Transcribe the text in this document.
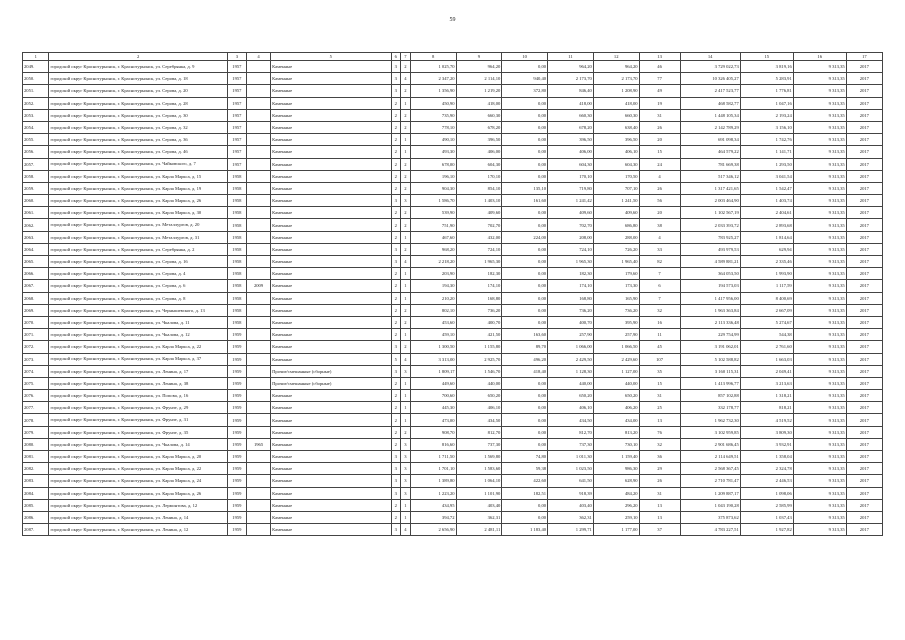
59
1	2	3	4	5	6	7	8	9	10	11	12	13	14	15	16	17
2049.	городской округ Краснотурьинск, г. Краснотурьинск, ул. Серебрянка, д. 9	1957		Каменные	3	2	1 025,70	964,20	0,00	964,20	964,20	46	3 729 022,73	3 819,16	9 313,35	2017
2050.	городской округ Краснотурьинск, г. Краснотурьинск, ул. Серова, д. 18	1957		Каменные	3	4	2 347,20	2 114,10	940,40	2 173,70	2 173,70	77	10 326 405,27	5 283,91	9 313,35	2017
2051.	городской округ Краснотурьинск, г. Краснотурьинск, ул. Серова, д. 20	1957		Каменные	3	2	1 356,90	1 219,20	372,80	846,40	1 208,90	49	2 417 523,77	1 776,81	9 313,35	2017
2052.	городской округ Краснотурьинск, г. Краснотурьинск, ул. Серова, д. 28	1957		Каменные	2	1	450,90	418,00	0,00	418,00	418,00	19	468 582,77	1 047,16	9 313,35	2017
2053.	городской округ Краснотурьинск, г. Краснотурьинск, ул. Серова, д. 30	1957		Каменные	2	2	735,90	660,30	0,00	660,30	660,30	31	1 448 105,34	2 193,24	9 313,35	2017
2054.	городской округ Краснотурьинск, г. Краснотурьинск, ул. Серова, д. 32	1957		Каменные	2	2	778,10	678,20	0,00	678,20	638,40	26	2 142 789,29	3 156,10	9 313,35	2017
2055.	городской округ Краснотурьинск, г. Краснотурьинск, ул. Серова, д. 36	1957		Каменные	2	1	490,10	396,50	0,00	396,50	396,50	20	691 098,34	1 742,76	9 313,35	2017
2056.	городской округ Краснотурьинск, г. Краснотурьинск, ул. Серова, д. 46	1957		Каменные	2	1	493,30	406,00	0,00	406,00	406,10	15	464 579,22	1 141,71	9 313,35	2017
2057.	городской округ Краснотурьинск, г. Краснотурьинск, ул. Чайковского, д. 7	1957		Каменные	2	2	678,00	604,30	0,00	604,30	604,30	24	781 669,38	1 293,50	9 313,35	2017
2058.	городской округ Краснотурьинск, г. Краснотурьинск, ул. Карла Маркса, д. 15	1958		Каменные	2	2	196,10	170,10	0,00	170,10	170,50	4	517 346,12	3 041,54	9 313,35	2017
2059.	городской округ Краснотурьинск, г. Краснотурьинск, ул. Карла Маркса, д. 19	1958		Каменные	2	2	904,30	854,10	135,10	719,80	707,10	26	1 317 421,65	1 542,47	9 313,35	2017
2060.	городской округ Краснотурьинск, г. Краснотурьинск, ул. Карла Маркса, д. 26	1958		Каменные	3	3	1 586,70	1 403,10	161,60	1 241,42	1 241,50	56	2 003 464,90	1 403,74	9 313,35	2017
2061.	городской округ Краснотурьинск, г. Краснотурьинск, ул. Карла Маркса, д. 30	1958		Каменные	2	2	539,90	409,60	0,00	409,60	409,60	20	1 102 567,19	2 404,61	9 313,35	2017
2062.	городской округ Краснотурьинск, г. Краснотурьинск, ул. Металлургов, д. 20	1958		Каменные	2	2	751,90	702,70	0,00	702,70	686,80	38	2 033 393,72	2 893,68	9 313,35	2017
2063.	городской округ Краснотурьинск, г. Краснотурьинск, ул. Металлургов, д. 31	1958		Каменные	2	1	467,60	432,00	224,00	208,00	288,00	4	783 925,27	1 814,64	9 313,35	2017
2064.	городской округ Краснотурьинск, г. Краснотурьинск, ул. Серебрянка, д. 2	1958		Каменные	3	2	968,20	724,10	0,00	724,10	726,20	33	493 979,53	629,94	9 313,35	2017
2065.	городской округ Краснотурьинск, г. Краснотурьинск, ул. Серова, д. 16	1958		Каменные	3	4	2 218,20	1 965,30	0,00	1 965,30	1 965,40	82	4 589 881,21	2 335,46	9 313,35	2017
2066.	городской округ Краснотурьинск, г. Краснотурьинск, ул. Серова, д. 4	1958		Каменные	2	1	203,90	182,30	0,00	182,30	179,60	7	364 053,50	1 993,90	9 313,35	2017
2067.	городской округ Краснотурьинск, г. Краснотурьинск, ул. Серова, д. 6	1958	2009	Каменные	2	1	194,30	174,10	0,00	174,10	173,30	6	194 573,03	1 117,59	9 313,35	2017
2068.	городской округ Краснотурьинск, г. Краснотурьинск, ул. Серова, д. 8	1958		Каменные	2	1	210,20	168,80	0,00	168,80	165,90	7	1 417 956,00	8 400,69	9 313,35	2017
2069.	городской округ Краснотурьинск, г. Краснотурьинск, ул. Чернышевского, д. 13	1958		Каменные	2	2	802,10	736,20	0,00	736,20	736,20	32	1 963 363,84	2 667,09	9 313,35	2017
2070.	городской округ Краснотурьинск, г. Краснотурьинск, ул. Чкалова, д. 11	1958		Каменные	2	2	453,60	400,70	0,00	400,70	395,90	16	2 113 336,48	5 274,67	9 313,35	2017
2071.	городской округ Краснотурьинск, г. Краснотурьинск, ул. Чкалова, д. 12	1959		Каменные	2	1	459,10	421,50	163,60	257,90	257,90	11	229 754,99	544,38	9 313,35	2017
2072.	городской округ Краснотурьинск, г. Краснотурьинск, ул. Карла Маркса, д. 22	1959		Каменные	3	2	1 300,50	1 155,80	89,70	1 066,00	1 066,50	45	3 191 062,01	2 761,60	9 313,35	2017
2073.	городской округ Краснотурьинск, г. Краснотурьинск, ул. Карла Маркса, д. 37	1959		Каменные	5	4	3 313,00	2 925,70	496,20	2 429,50	2 429,60	107	5 102 588,82	1 663,03	9 313,35	2017
2074.	городской округ Краснотурьинск, г. Краснотурьинск, ул. Ленина, д. 17	1959		Прочие/смешанные (сборные)	3	3	1 809,17	1 546,70	418,40	1 128,30	1 127,00	35	3 160 115,31	2 049,41	9 313,35	2017
2075.	городской округ Краснотурьинск, г. Краснотурьинск, ул. Ленина, д. 38	1959		Прочие/смешанные (сборные)	2	1	449,60	440,00	0,00	440,00	440,00	15	1 413 996,77	3 213,63	9 313,35	2017
2076.	городской округ Краснотурьинск, г. Краснотурьинск, ул. Попова, д. 16	1959		Каменные	2	1	700,60	650,20	0,00	650,20	650,20	31	857 102,88	1 318,21	9 313,35	2017
2077.	городской округ Краснотурьинск, г. Краснотурьинск, ул. Фрунзе, д. 29	1959		Каменные	2	1	445,30	406,10	0,00	406,10	406,20	25	332 178,77	818,21	9 313,35	2017
2078.	городской округ Краснотурьинск, г. Краснотурьинск, ул. Фрунзе, д. 31	1959		Каменные	2	1	473,00	434,50	0,00	434,50	434,00	13	1 962 732,30	4 519,52	9 313,35	2017
2079.	городской округ Краснотурьинск, г. Краснотурьинск, ул. Фрунзе, д. 35	1959		Каменные	2	2	908,70	812,70	0,00	812,70	813,20	76	3 102 959,85	3 809,30	9 313,35	2017
2080.	городской округ Краснотурьинск, г. Краснотурьинск, ул. Чкалова, д. 14	1959	1965	Каменные	2	3	816,60	737,30	0,00	737,30	730,10	32	2 901 686,45	3 932,91	9 313,35	2017
2081.	городской округ Краснотурьинск, г. Краснотурьинск, ул. Карла Маркса, д. 20	1959		Каменные	3	3	1 711,50	1 569,80	74,80	1 011,30	1 159,40	36	2 114 649,51	1 358,04	9 313,35	2017
2082.	городской округ Краснотурьинск, г. Краснотурьинск, ул. Карла Маркса, д. 22	1959		Каменные	3	3	1 701,10	1 583,60	59,38	1 023,50	986,30	29	2 568 367,45	2 324,78	9 313,35	2017
2083.	городской округ Краснотурьинск, г. Краснотурьинск, ул. Карла Маркса, д. 24	1959		Каменные	3	3	1 389,80	1 064,10	422,60	641,50	628,90	26	2 710 781,47	2 446,53	9 313,35	2017
2084.	городской округ Краснотурьинск, г. Краснотурьинск, ул. Карла Маркса, д. 26	1959		Каменные	3	3	1 223,20	1 101,90	182,51	918,39	484,20	31	1 209 887,17	1 098,06	9 313,35	2017
2085.	городской округ Краснотурьинск, г. Краснотурьинск, ул. Лермонтова, д. 12	1959		Каменные	2	1	434,95	403,40	0,00	403,40	296,20	13	1 043 190,28	2 585,99	9 313,35	2017
2086.	городской округ Краснотурьинск, г. Краснотурьинск, ул. Ленина, д. 14	1959		Каменные	2	1	394,72	362,31	0,00	362,31	259,10	13	375 873,62	1 037,43	9 313,35	2017
2087.	городской округ Краснотурьинск, г. Краснотурьинск, ул. Ленина, д. 12	1959		Каменные	3	4	2 656,90	2 481,11	1 183,40	1 299,71	1 177,00	37	4 783 227,51	1 927,82	9 313,35	2017
